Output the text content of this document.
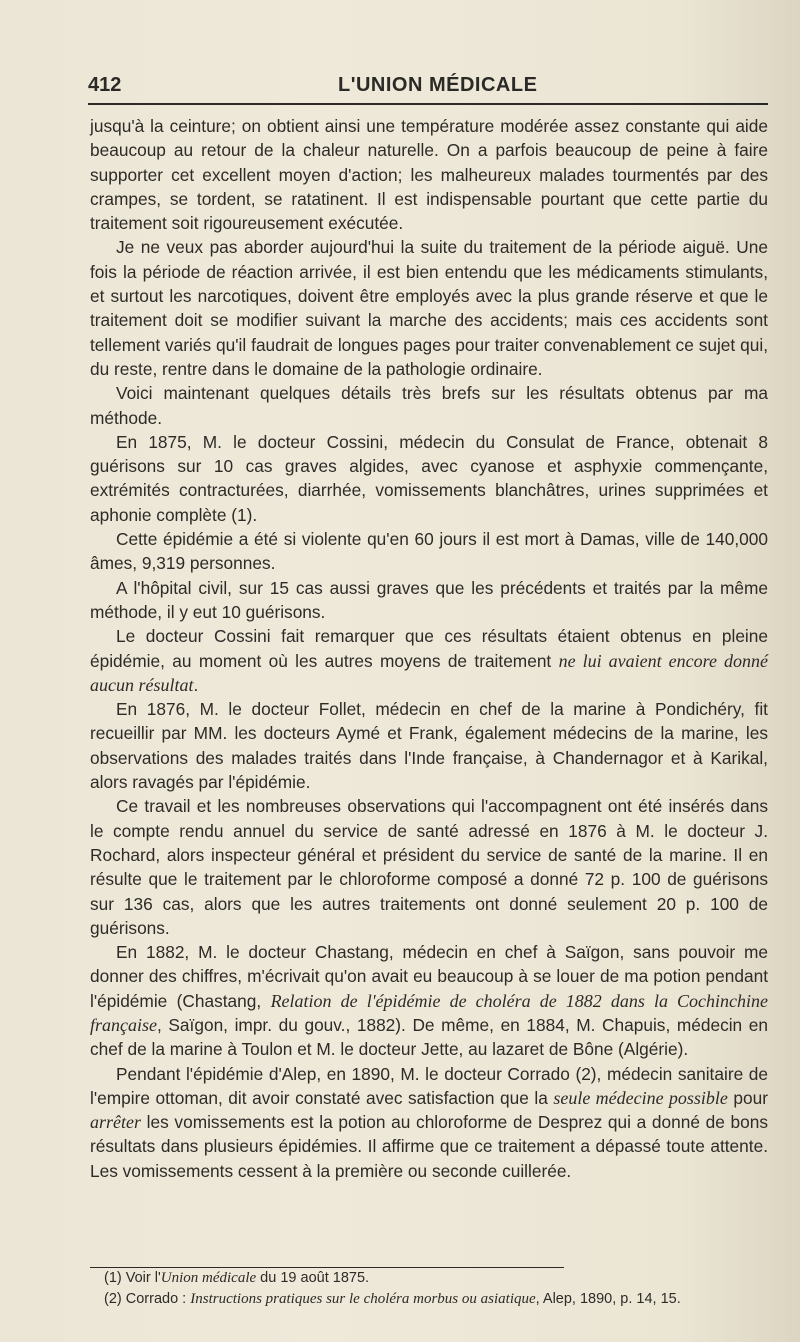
412	L'UNION MÉDICALE

jusqu'à la ceinture; on obtient ainsi une température modérée assez constante qui aide beaucoup au retour de la chaleur naturelle. On a parfois beaucoup de peine à faire supporter cet excellent moyen d'action; les malheureux malades tourmentés par des crampes, se tordent, se ratatinent. Il est indispensable pourtant que cette partie du traitement soit rigoureusement exécutée.

Je ne veux pas aborder aujourd'hui la suite du traitement de la période aiguë. Une fois la période de réaction arrivée, il est bien entendu que les médicaments stimulants, et surtout les narcotiques, doivent être employés avec la plus grande réserve et que le traitement doit se modifier suivant la marche des accidents; mais ces accidents sont tellement variés qu'il faudrait de longues pages pour traiter convenablement ce sujet qui, du reste, rentre dans le domaine de la pathologie ordinaire.

Voici maintenant quelques détails très brefs sur les résultats obtenus par ma méthode.

En 1875, M. le docteur Cossini, médecin du Consulat de France, obtenait 8 guérisons sur 10 cas graves algides, avec cyanose et asphyxie commençante, extrémités contracturées, diarrhée, vomissements blanchâtres, urines supprimées et aphonie complète (1).

Cette épidémie a été si violente qu'en 60 jours il est mort à Damas, ville de 140,000 âmes, 9,319 personnes.

A l'hôpital civil, sur 15 cas aussi graves que les précédents et traités par la même méthode, il y eut 10 guérisons.

Le docteur Cossini fait remarquer que ces résultats étaient obtenus en pleine épidémie, au moment où les autres moyens de traitement ne lui avaient encore donné aucun résultat.

En 1876, M. le docteur Follet, médecin en chef de la marine à Pondichéry, fit recueillir par MM. les docteurs Aymé et Frank, également médecins de la marine, les observations des malades traités dans l'Inde française, à Chandernagor et à Karikal, alors ravagés par l'épidémie.

Ce travail et les nombreuses observations qui l'accompagnent ont été insérés dans le compte rendu annuel du service de santé adressé en 1876 à M. le docteur J. Rochard, alors inspecteur général et président du service de santé de la marine. Il en résulte que le traitement par le chloroforme composé a donné 72 p. 100 de guérisons sur 136 cas, alors que les autres traitements ont donné seulement 20 p. 100 de guérisons.

En 1882, M. le docteur Chastang, médecin en chef à Saïgon, sans pouvoir me donner des chiffres, m'écrivait qu'on avait eu beaucoup à se louer de ma potion pendant l'épidémie (Chastang, Relation de l'épidémie de choléra de 1882 dans la Cochinchine française, Saïgon, impr. du gouv., 1882). De même, en 1884, M. Chapuis, médecin en chef de la marine à Toulon et M. le docteur Jette, au lazaret de Bône (Algérie).

Pendant l'épidémie d'Alep, en 1890, M. le docteur Corrado (2), médecin sanitaire de l'empire ottoman, dit avoir constaté avec satisfaction que la seule médecine possible pour arrêter les vomissements est la potion au chloroforme de Desprez qui a donné de bons résultats dans plusieurs épidémies. Il affirme que ce traitement a dépassé toute attente. Les vomissements cessent à la première ou seconde cuillerée.

(1) Voir l'Union médicale du 19 août 1875.

(2) Corrado : Instructions pratiques sur le choléra morbus ou asiatique, Alep, 1890, p. 14, 15.
